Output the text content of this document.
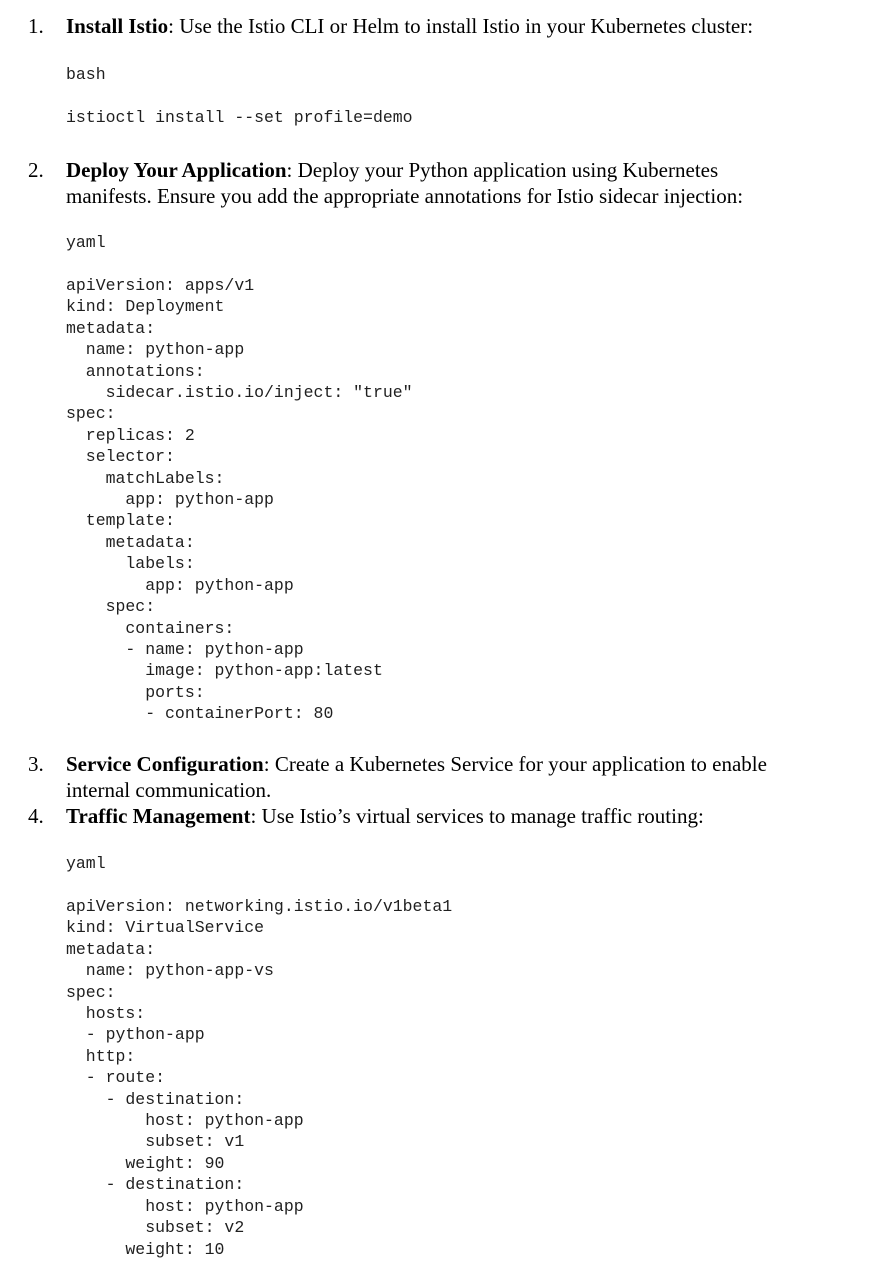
1. Install Istio: Use the Istio CLI or Helm to install Istio in your Kubernetes cluster:
bash
istioctl install --set profile=demo
2. Deploy Your Application: Deploy your Python application using Kubernetes
manifests. Ensure you add the appropriate annotations for Istio sidecar injection:
yaml
apiVersion: apps/v1
kind: Deployment
metadata:
name: python-app
annotations:
sidecar.istio.io/inject: "true"
spec:
replicas: 2
selector:
matchLabels:
app: python-app
template:
metadata:
labels:
app: python-app
spec:
containers:
- name: python-app
image: python-app:latest
ports:
- containerPort: 80
3. Service Configuration: Create a Kubernetes Service for your application to enable
internal communication.
4. Traffic Management: Use Istio’s virtual services to manage traffic routing:
yaml
apiVersion: networking.istio.io/v1beta1
kind: VirtualService
metadata:
name: python-app-vs
spec:
hosts:
- python-app
http:
- route:
- destination:
host: python-app
subset: v1
weight: 90
- destination:
host: python-app
subset: v2
weight: 10
